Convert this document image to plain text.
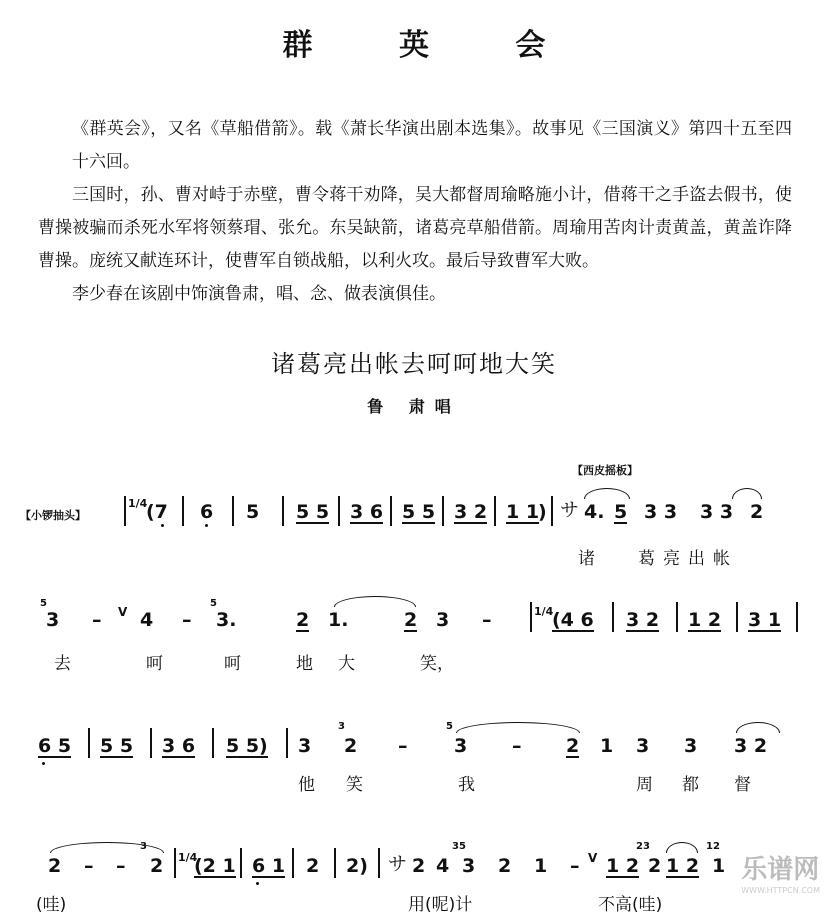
群 英 会
《群英会》，又名《草船借箭》。载《萧长华演出剧本选集》。故事见《三国演义》第四十五至四十六回。
三国时，孙、曹对峙于赤壁，曹令蒋干劝降，吴大都督周瑜略施小计，借蒋干之手盗去假书，使曹操被骗而杀死水军将领蔡瑁、张允。东吴缺箭，诸葛亮草船借箭。周瑜用苦肉计责黄盖，黄盖诈降曹操。庞统又献连环计，使曹军自锁战船，以利火攻。最后导致曹军大败。
李少春在该剧中饰演鲁肃，唱、念、做表演俱佳。
诸葛亮出帐去呵呵地大笑
鲁 肃唱
【西皮摇板】
【小锣抽头】
1/4
(7 6 5 5 5 3 6 5 5 3 2 1 1
) サ 4. 5 3 3 3 3 2
诸	葛亮出帐
5
3 – V 4 –
5
3.	2 1.	2 3 –	1/4
(4 6 3 2 1 2 3 1
去	呵	呵	地 大	笑，
6 5 5 5 3 6 5 5) 3
3
2 –
5
3 – 2 1 3 3 3 2
他 笑	我	周 都 督
2 – –
3
2 1/4
(2 1 6 1 2 2) サ 2 4
35
3 2 1 – V 1 2
23
2 1 2
12
1
(哇)	用(呢)计	不高(哇)
乐谱网
WWW.HTTPCN.COM
